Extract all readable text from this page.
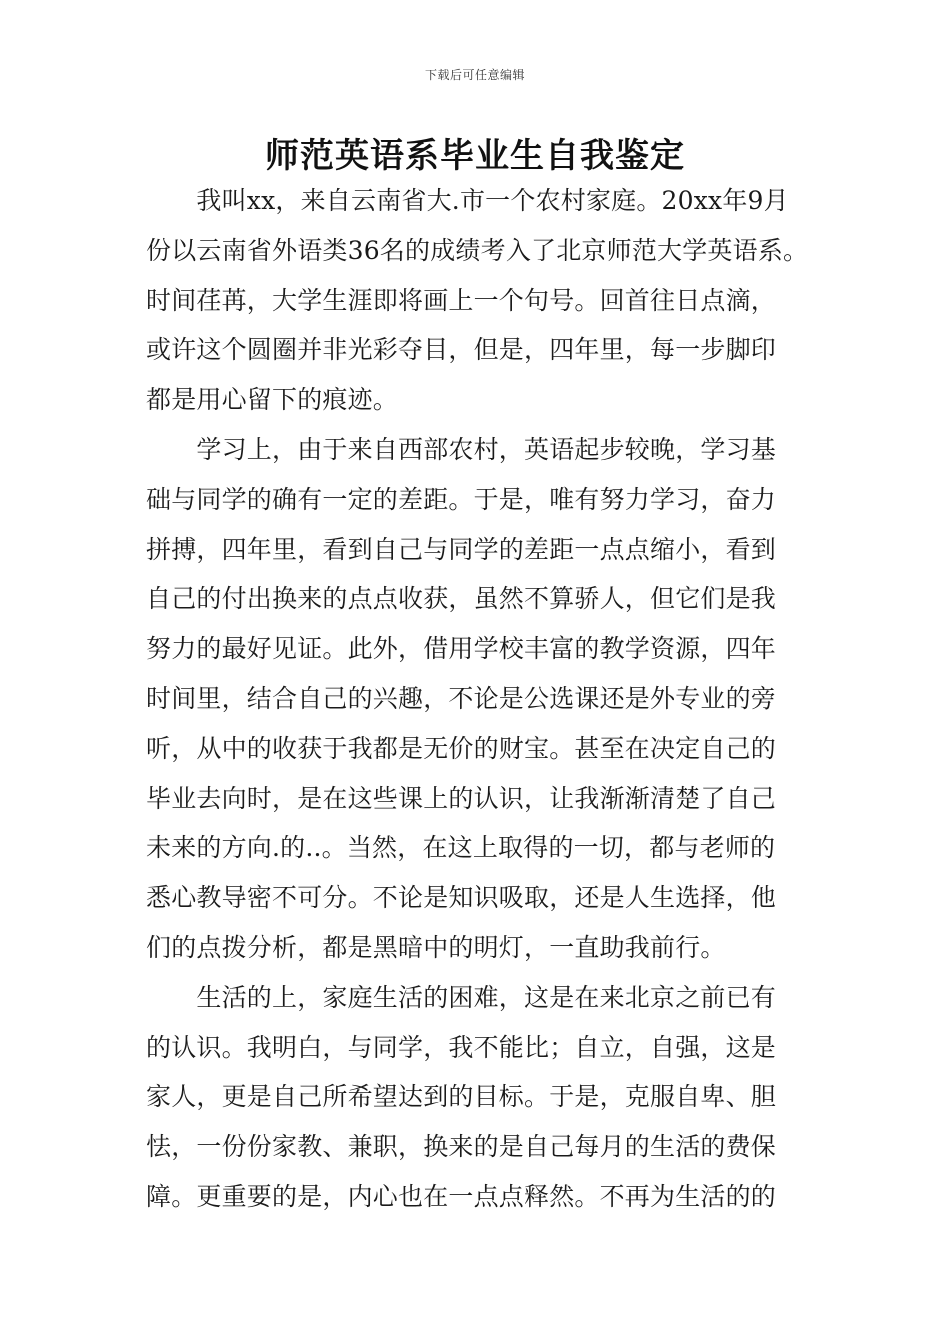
下载后可任意编辑
师范英语系毕业生自我鉴定
　　我叫xx，来自云南省大.市一个农村家庭。20xx年9月
份以云南省外语类36名的成绩考入了北京师范大学英语系。
时间荏苒，大学生涯即将画上一个句号。回首往日点滴，
或许这个圆圈并非光彩夺目，但是，四年里，每一步脚印
都是用心留下的痕迹。
　　学习上，由于来自西部农村，英语起步较晚，学习基
础与同学的确有一定的差距。于是，唯有努力学习，奋力
拼搏，四年里，看到自己与同学的差距一点点缩小，看到
自己的付出换来的点点收获，虽然不算骄人，但它们是我
努力的最好见证。此外，借用学校丰富的教学资源，四年
时间里，结合自己的兴趣，不论是公选课还是外专业的旁
听，从中的收获于我都是无价的财宝。甚至在决定自己的
毕业去向时，是在这些课上的认识，让我渐渐清楚了自己
未来的方向.的..。当然，在这上取得的一切，都与老师的
悉心教导密不可分。不论是知识吸取，还是人生选择，他
们的点拨分析，都是黑暗中的明灯，一直助我前行。
　　生活的上，家庭生活的困难，这是在来北京之前已有
的认识。我明白，与同学，我不能比；自立，自强，这是
家人，更是自己所希望达到的目标。于是，克服自卑、胆
怯，一份份家教、兼职，换来的是自己每月的生活的费保
障。更重要的是，内心也在一点点释然。不再为生活的的
